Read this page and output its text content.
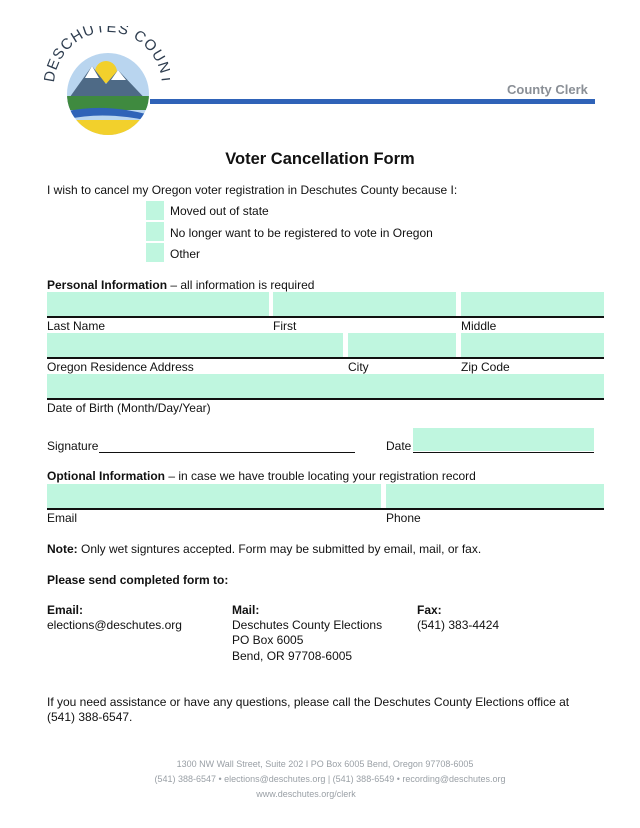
ESCHUTES COU
County Clerk
Voter Cancellation Form
I wish to cancel my Oregon voter registration in Deschutes County because I:
Moved out of state
No longer want to be registered to vote in Oregon
Other
Personal Information – all information is required
Last Name	First	Middle
Oregon Residence Address	City	Zip Code
Date of Birth (Month/Day/Year)
Signature	Date
Optional Information – in case we have trouble locating your registration record
Email	Phone
Note: Only wet signtures accepted. Form may be submitted by email, mail, or fax.
Please send completed form to:
Email:
elections@deschutes.org
Mail:
Deschutes County Elections
PO Box 6005
Bend, OR 97708-6005
Fax:
(541) 383-4424
If you need assistance or have any questions, please call the Deschutes County Elections office at
(541) 388-6547.
1300 NW Wall Street, Suite 202 I PO Box 6005 Bend, Oregon 97708-6005
(541) 388-6547 • elections@deschutes.org | (541) 388-6549 • recording@deschutes.org
www.deschutes.org/clerk
